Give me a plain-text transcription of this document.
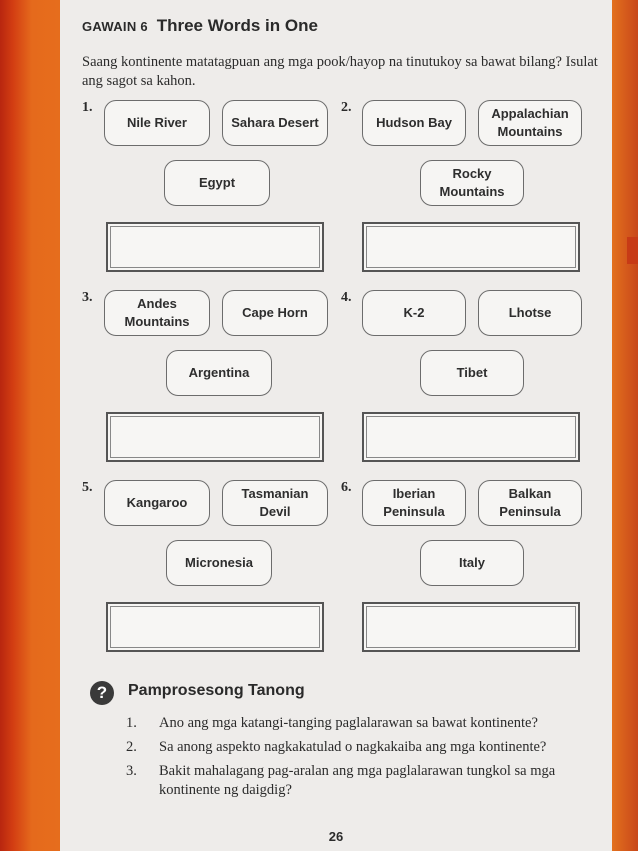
GAWAIN 6 Three Words in One
Saang kontinente matatagpuan ang mga pook/hayop na tinutukoy sa bawat bilang? Isulat ang sagot sa kahon.
1.
Nile River	Sahara Desert
Egypt
2.
Hudson Bay
Appalachian Mountains
Rocky Mountains
3.	Andes Mountains
Cape Horn
Argentina
4.
K-2	Lhotse
Tibet
5.
Kangaroo
Tasmanian Devil
Micronesia
6.	Iberian Peninsula
Balkan Peninsula
Italy
?	Pamprosesong Tanong
1. Ano ang mga katangi-tanging paglalarawan sa bawat kontinente?
2. Sa anong aspekto nagkakatulad o nagkakaiba ang mga kontinente?
3. Bakit mahalagang pag-aralan ang mga paglalarawan tungkol sa mga kontinente ng daigdig?
26
